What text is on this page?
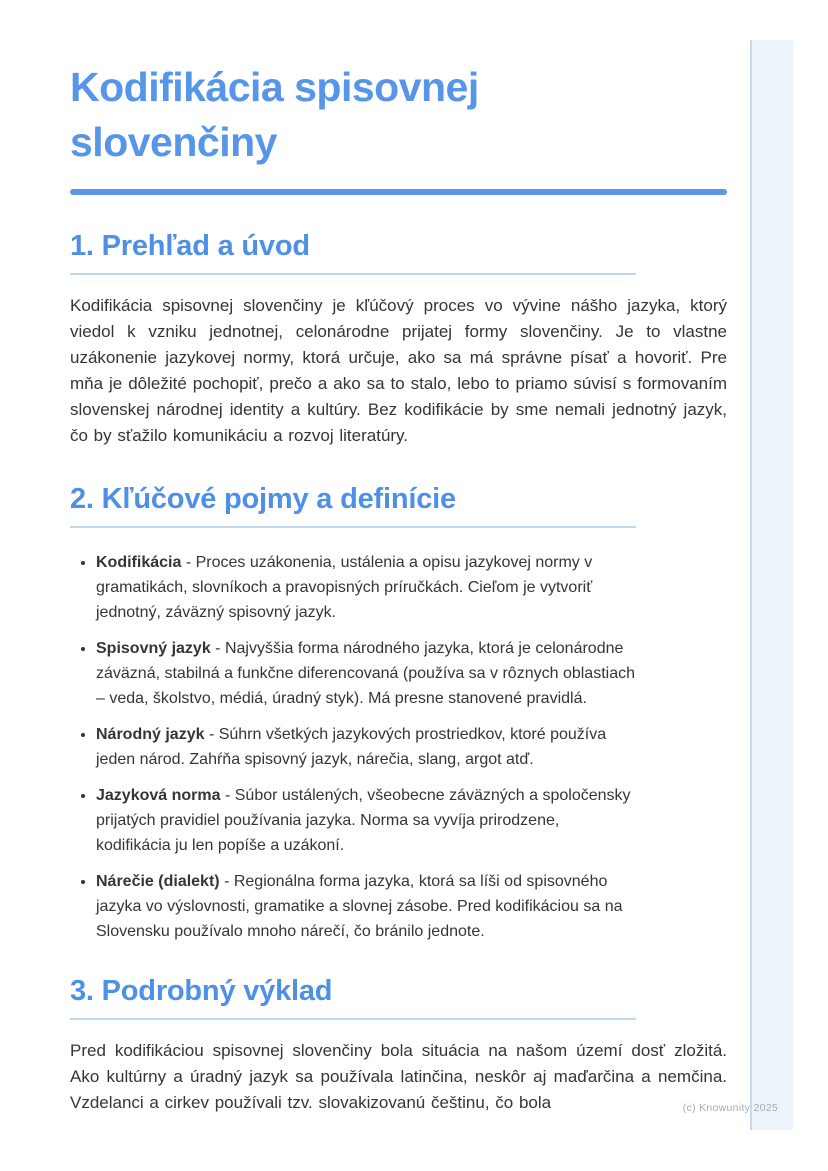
Kodifikácia spisovnej slovenčiny
1. Prehľad a úvod

Kodifikácia spisovnej slovenčiny je kľúčový proces vo vývine nášho jazyka, ktorý viedol k vzniku jednotnej, celonárodne prijatej formy slovenčiny. Je to vlastne uzákonenie jazykovej normy, ktorá určuje, ako sa má správne písať a hovoriť. Pre mňa je dôležité pochopiť, prečo a ako sa to stalo, lebo to priamo súvisí s formovaním slovenskej národnej identity a kultúry. Bez kodifikácie by sme nemali jednotný jazyk, čo by sťažilo komunikáciu a rozvoj literatúry.

2. Kľúčové pojmy a definície
• Kodifikácia - Proces uzákonenia, ustálenia a opisu jazykovej normy v gramatikách, slovníkoch a pravopisných príručkách. Cieľom je vytvoriť jednotný, záväzný spisovný jazyk.
• Spisovný jazyk - Najvyššia forma národného jazyka, ktorá je celonárodne záväzná, stabilná a funkčne diferencovaná (používa sa v rôznych oblastiach – veda, školstvo, médiá, úradný styk). Má presne stanovené pravidlá.
• Národný jazyk - Súhrn všetkých jazykových prostriedkov, ktoré používa jeden národ. Zahŕňa spisovný jazyk, nárečia, slang, argot atď.
• Jazyková norma - Súbor ustálených, všeobecne záväzných a spoločensky prijatých pravidiel používania jazyka. Norma sa vyvíja prirodzene, kodifikácia ju len popíše a uzákoní.
• Nárečie (dialekt) - Regionálna forma jazyka, ktorá sa líši od spisovného jazyka vo výslovnosti, gramatike a slovnej zásobe. Pred kodifikáciou sa na Slovensku používalo mnoho nárečí, čo bránilo jednote.
3. Podrobný výklad

Pred kodifikáciou spisovnej slovenčiny bola situácia na našom území dosť zložitá. Ako kultúrny a úradný jazyk sa používala latinčina, neskôr aj maďarčina a nemčina. Vzdelanci a cirkev používali tzv. slovakizovanú češtinu, čo bola	(c) Knowunity 2025
